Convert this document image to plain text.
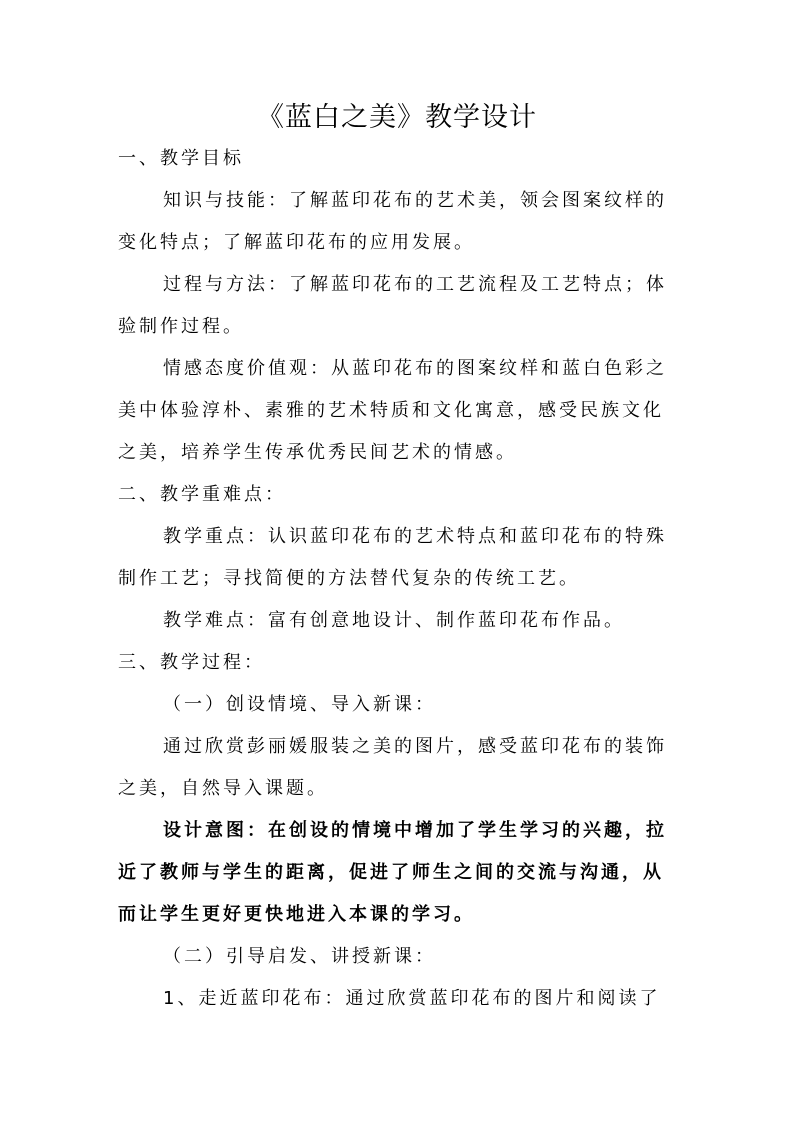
《蓝白之美》教学设计
一、教学目标
知识与技能：了解蓝印花布的艺术美，领会图案纹样的
变化特点；了解蓝印花布的应用发展。
过程与方法：了解蓝印花布的工艺流程及工艺特点；体
验制作过程。
情感态度价值观：从蓝印花布的图案纹样和蓝白色彩之
美中体验淳朴、素雅的艺术特质和文化寓意，感受民族文化
之美，培养学生传承优秀民间艺术的情感。
二、教学重难点：
教学重点：认识蓝印花布的艺术特点和蓝印花布的特殊
制作工艺；寻找简便的方法替代复杂的传统工艺。
教学难点：富有创意地设计、制作蓝印花布作品。
三、教学过程：
（一）创设情境、导入新课：
通过欣赏彭丽媛服装之美的图片，感受蓝印花布的装饰
之美，自然导入课题。
设计意图：在创设的情境中增加了学生学习的兴趣，拉
近了教师与学生的距离，促进了师生之间的交流与沟通，从
而让学生更好更快地进入本课的学习。
（二）引导启发、讲授新课：
1、走近蓝印花布：通过欣赏蓝印花布的图片和阅读了
